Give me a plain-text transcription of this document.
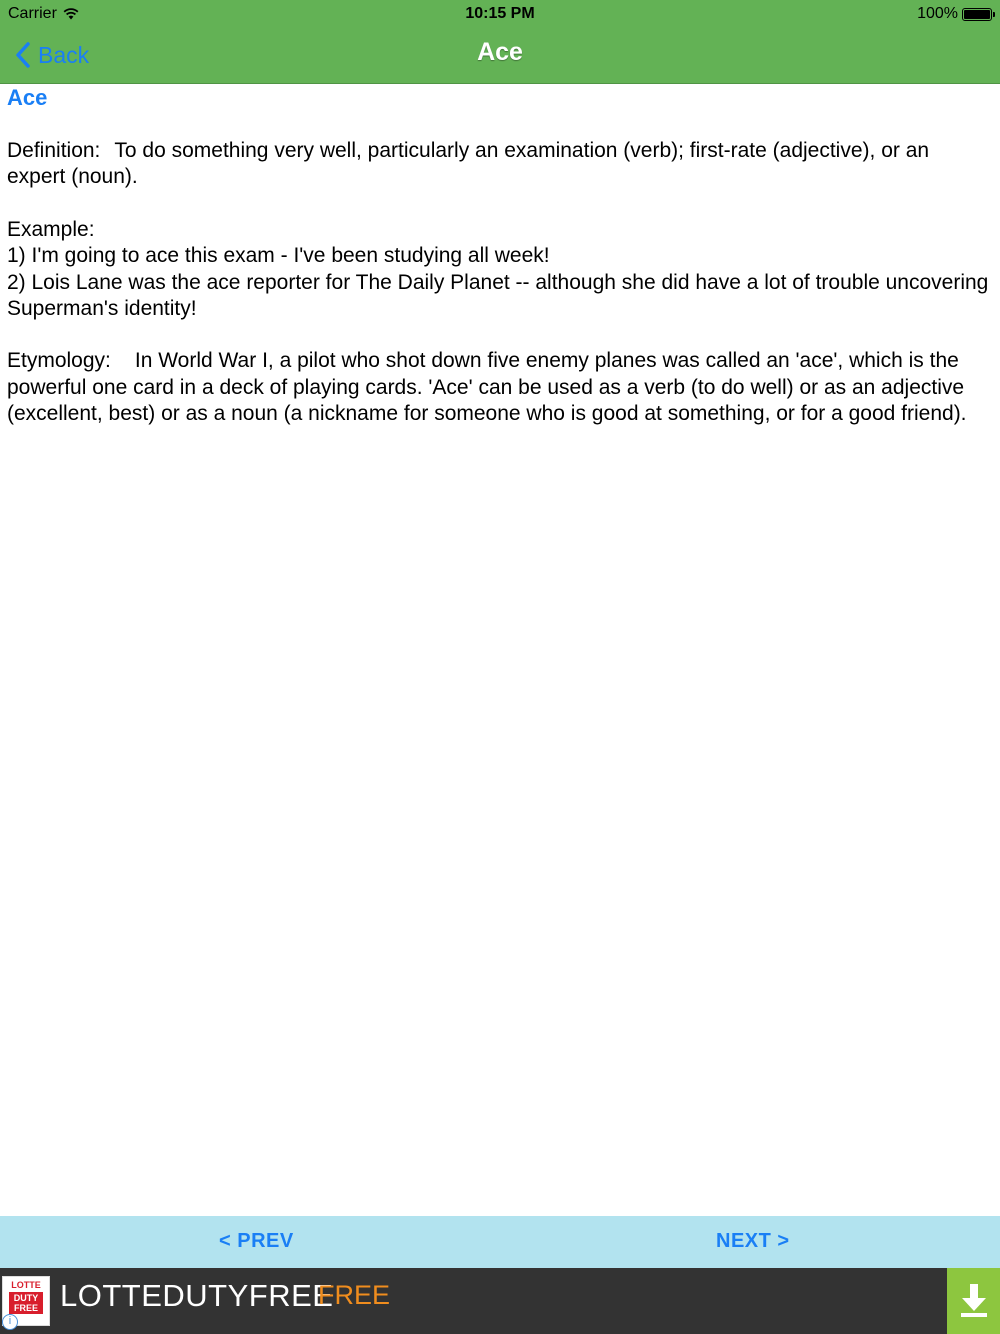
Carrier	10:15 PM	100%
Back	Ace
Ace
Definition: To do something very well, particularly an examination (verb); first-rate (adjective), or an expert (noun).
Example:
1) I'm going to ace this exam - I've been studying all week!
2) Lois Lane was the ace reporter for The Daily Planet -- although she did have a lot of trouble uncovering Superman's identity!
Etymology: In World War I, a pilot who shot down five enemy planes was called an 'ace', which is the powerful one card in a deck of playing cards. 'Ace' can be used as a verb (to do well) or as an adjective (excellent, best) or as a noun (a nickname for someone who is good at something, or for a good friend).
< PREV	NEXT >
LOTTE
DUTY
FREE
i
LOTTEDUTYFREE
FREE
